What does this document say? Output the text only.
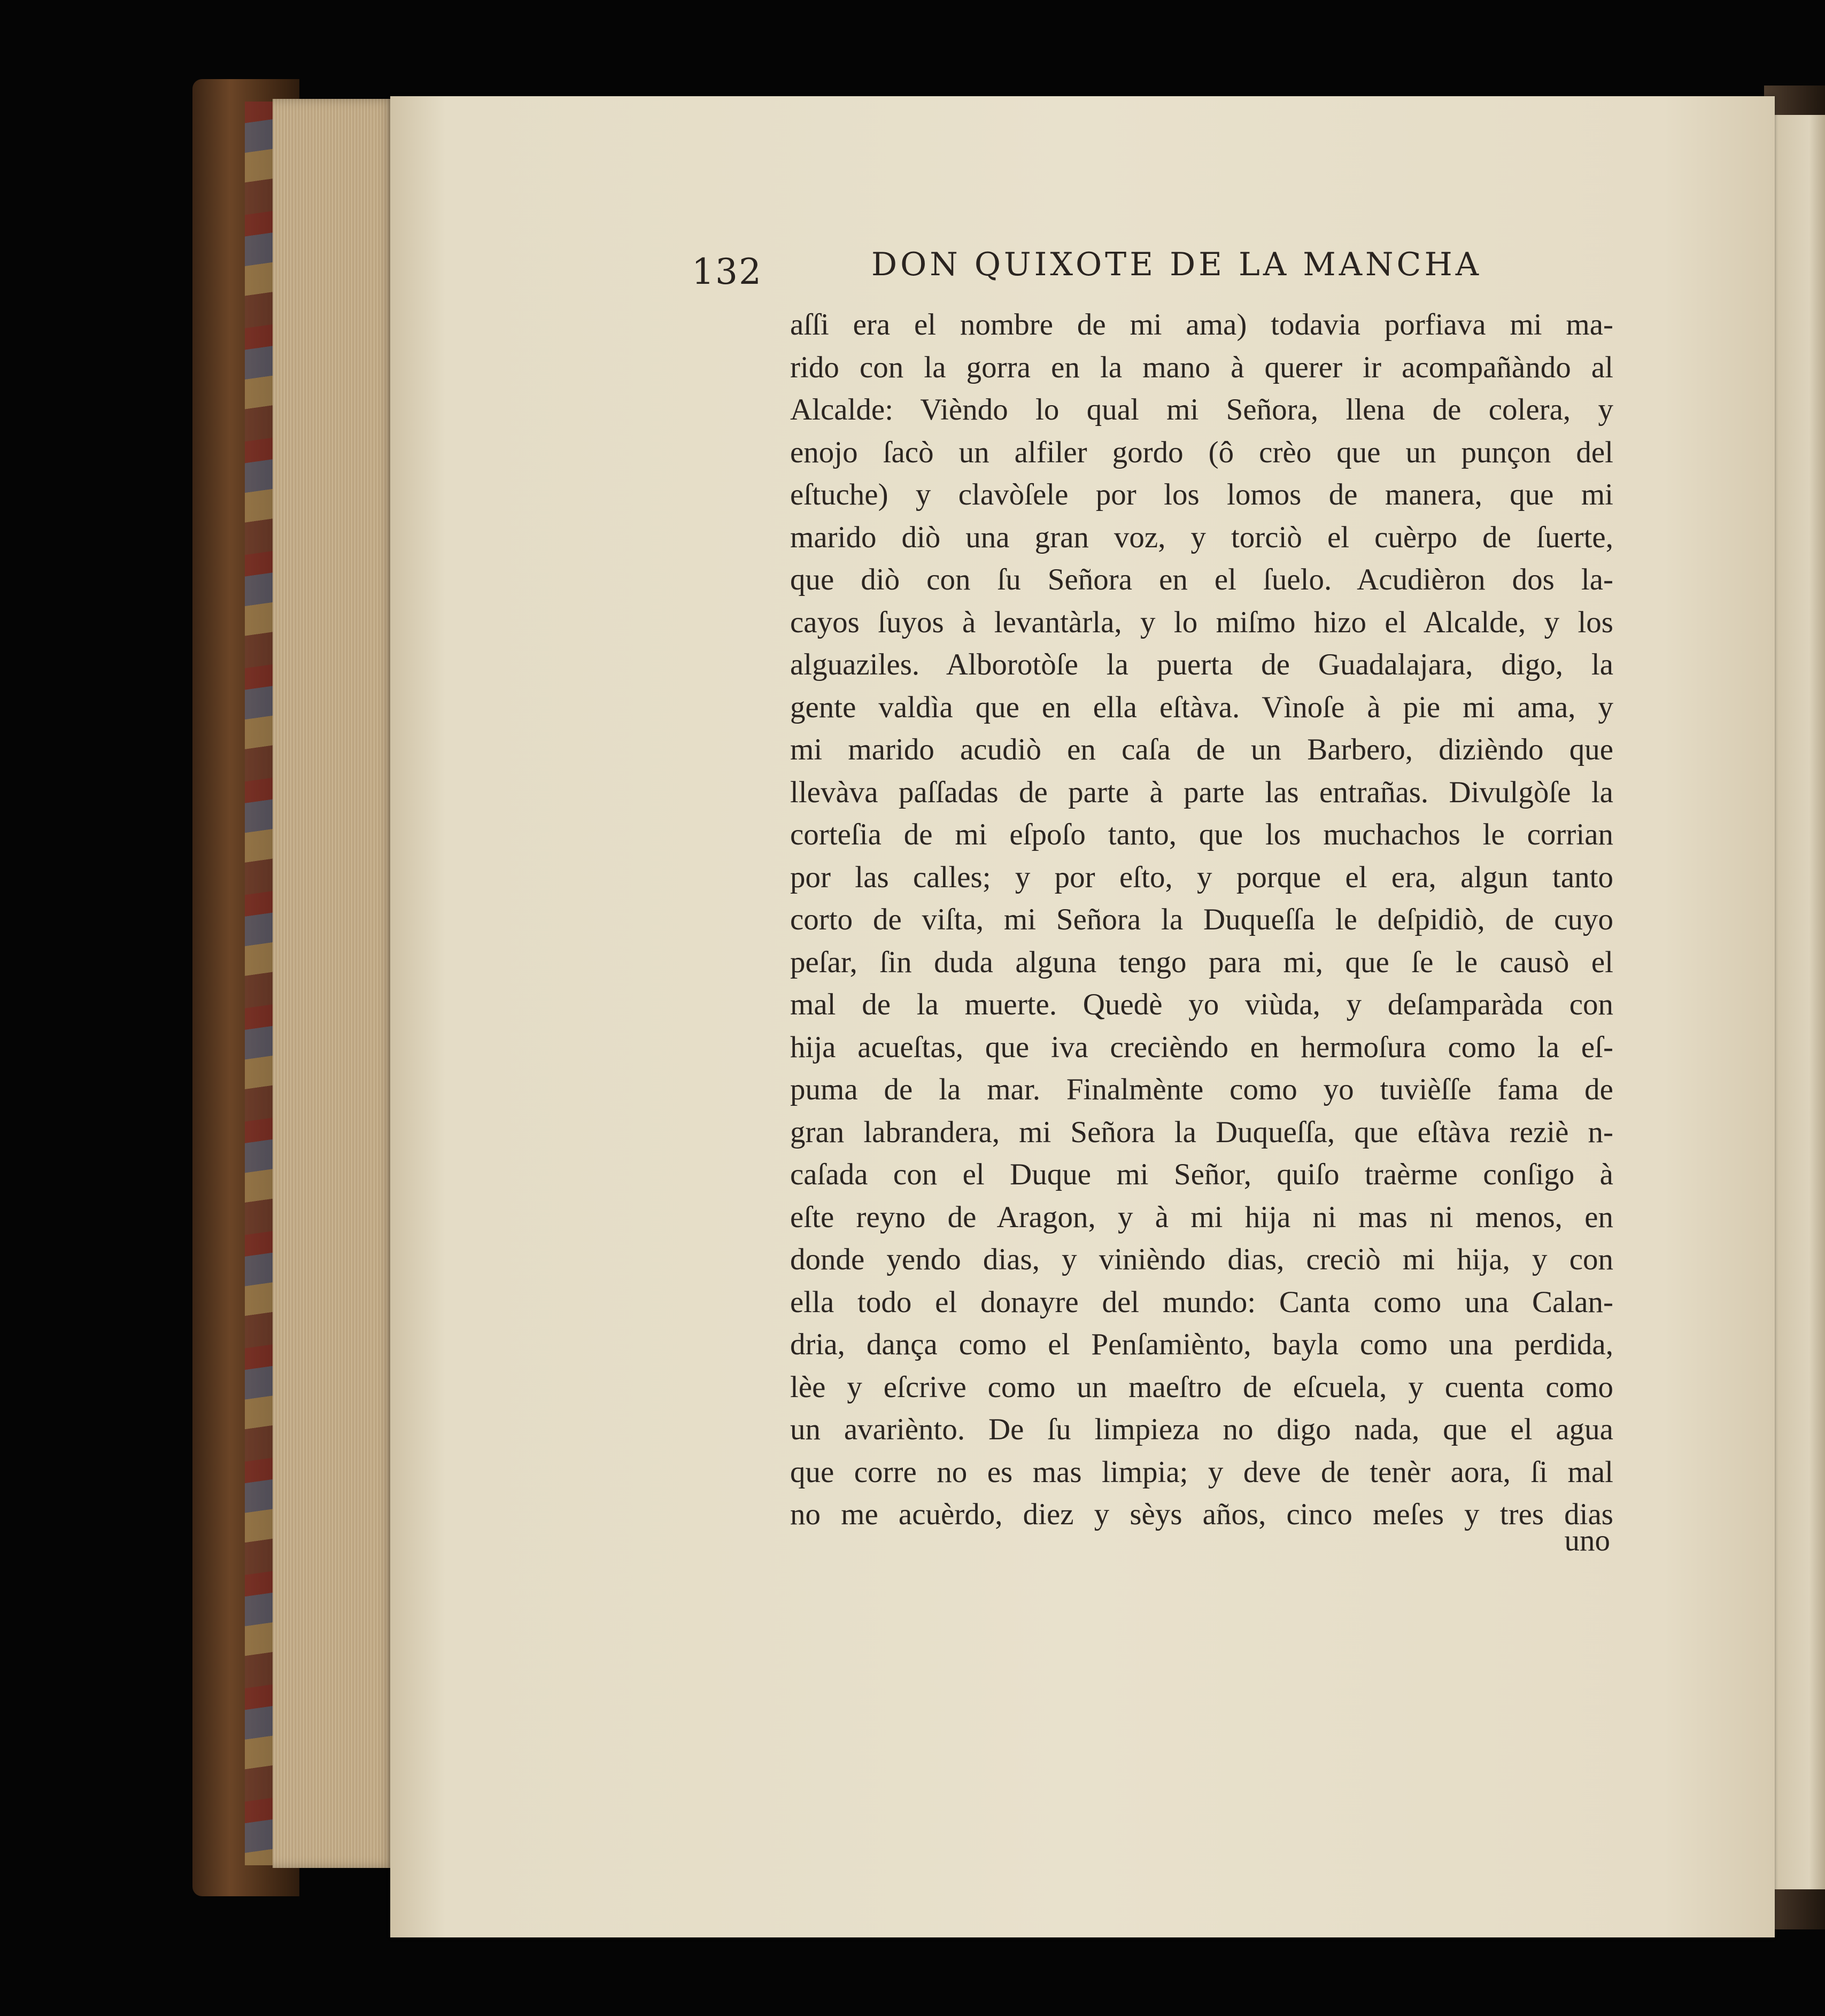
132	DON QUIXOTE DE LA MANCHA
aſſi era el nombre de mi ama) todavia porfiava mi ma-
rido con la gorra en la mano à querer ir acompañàndo al
Alcalde: Vièndo lo qual mi Señora, llena de colera, y
enojo ſacò un alfiler gordo (ô crèo que un punçon del
eſtuche) y clavòſele por los lomos de manera, que mi
marido diò una gran voz, y torciò el cuèrpo de ſuerte,
que diò con ſu Señora en el ſuelo. Acudièron dos la-
cayos ſuyos à levantàrla, y lo miſmo hizo el Alcalde, y los
alguaziles. Alborotòſe la puerta de Guadalajara, digo, la
gente valdìa que en ella eſtàva. Vìnoſe à pie mi ama, y
mi marido acudiò en caſa de un Barbero, dizièndo que
llevàva paſſadas de parte à parte las entrañas. Divulgòſe la
corteſia de mi eſpoſo tanto, que los muchachos le corrian
por las calles; y por eſto, y porque el era, algun tanto
corto de viſta, mi Señora la Duqueſſa le deſpidiò, de cuyo
peſar, ſin duda alguna tengo para mi, que ſe le causò el
mal de la muerte. Quedè yo viùda, y deſamparàda con
hija acueſtas, que iva crecièndo en hermoſura como la eſ-
puma de la mar. Finalmènte como yo tuvièſſe fama de
gran labrandera, mi Señora la Duqueſſa, que eſtàva reziè n-
caſada con el Duque mi Señor, quiſo traèrme conſigo à
eſte reyno de Aragon, y à mi hija ni mas ni menos, en
donde yendo dias, y vinièndo dias, creciò mi hija, y con
ella todo el donayre del mundo: Canta como una Calan-
dria, dança como el Penſamiènto, bayla como una perdida,
lèe y eſcrive como un maeſtro de eſcuela, y cuenta como
un avariènto. De ſu limpieza no digo nada, que el agua
que corre no es mas limpia; y deve de tenèr aora, ſi mal
no me acuèrdo, diez y sèys años, cinco meſes y tres dias
uno
